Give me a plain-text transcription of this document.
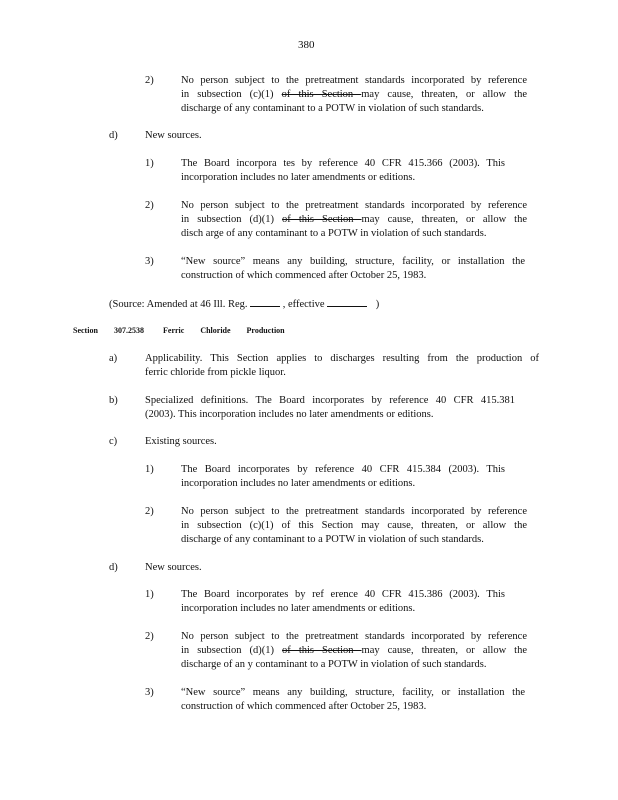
380
2)	No person subject to the pretreatment standards incorporated by reference
in subsection (c)(1) of this Section may cause, threaten, or allow the
discharge of any contaminant to a POTW in violation of such standards.
d)	New sources.
1)	The Board incorpora tes by reference 40 CFR 415.366 (2003). This
incorporation includes no later amendments or editions.
2)	No person subject to the pretreatment standards incorporated by reference
in subsection (d)(1) of this Section may cause, threaten, or allow the
disch arge of any contaminant to a POTW in violation of such standards.
3)	“New source” means any building, structure, facility, or installation the
construction of which commenced after October 25, 1983.
(Source: Amended at 46 Ill. Reg.	, effective	)
Section 307.2538 Ferric Chloride Production
a)	Applicability. This Section applies to discharges resulting from the production of
ferric chloride from pickle liquor.
b)	Specialized definitions. The Board incorporates by reference 40 CFR 415.381
(2003). This incorporation includes no later amendments or editions.
c)	Existing sources.
1)	The Board incorporates by reference 40 CFR 415.384 (2003). This
incorporation includes no later amendments or editions.
2)	No person subject to the pretreatment standards incorporated by reference
in subsection (c)(1) of this Section may cause, threaten, or allow the
discharge of any contaminant to a POTW in violation of such standards.
d)	New sources.
1)	The Board incorporates by ref erence 40 CFR 415.386 (2003). This
incorporation includes no later amendments or editions.
2)	No person subject to the pretreatment standards incorporated by reference
in subsection (d)(1) of this Section may cause, threaten, or allow the
discharge of an y contaminant to a POTW in violation of such standards.
3)	“New source” means any building, structure, facility, or installation the
construction of which commenced after October 25, 1983.
